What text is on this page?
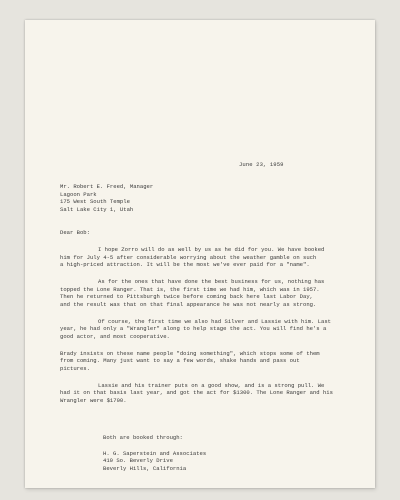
June 23, 1959
Mr. Robert E. Freed, Manager
Lagoon Park
175 West South Temple
Salt Lake City 1, Utah
Dear Bob:

I hope Zorro will do as well by us as he did for you. We have booked
him for July 4-5 after considerable worrying about the weather gamble on such
a high-priced attraction. It will be the most we've ever paid for a "name".

As for the ones that have done the best business for us, nothing has
topped the Lone Ranger. That is, the first time we had him, which was in 1957.
Then he returned to Pittsburgh twice before coming back here last Labor Day,
and the result was that on that final appearance he was not nearly as strong.

Of course, the first time we also had Silver and Lassie with him. Last
year, he had only a "Wrangler" along to help stage the act. You will find he's a
good actor, and most cooperative.

Brady insists on these name people "doing something", which stops some of them
from coming. Many just want to say a few words, shake hands and pass out
pictures.

Lassie and his trainer puts on a good show, and is a strong pull. We
had it on that basis last year, and got the act for $1300. The Lone Ranger and his
Wrangler were $1700.

Both are booked through:
H. G. Saperstein and Associates
410 So. Beverly Drive
Beverly Hills, California
